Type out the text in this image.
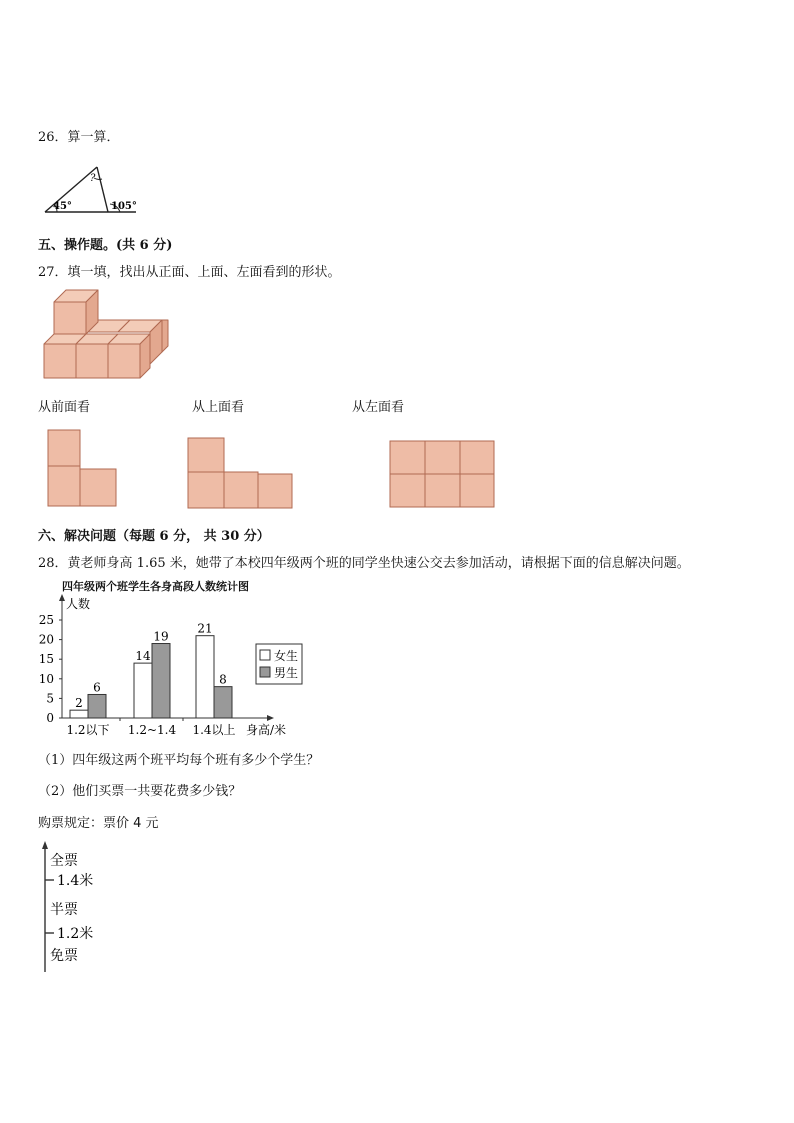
26．算一算．
?
45°	105°
五、操作题。(共 6 分)
27．填一填，找出从正面、上面、左面看到的形状。
从前面看	从上面看	从左面看
六、解决问题（每题 6 分， 共 30 分）
28．黄老师身高 1.65 米，她带了本校四年级两个班的同学坐快速公交去参加活动，请根据下面的信息解决问题。
四年级两个班学生各身高段人数统计图
人数
身高/米
0
5
10
15
20
25
2
6
1.2以下
14
19
1.2~1.4
21
8
1.4以上
女生
男生
（1）四年级这两个班平均每个班有多少个学生？
（2）他们买票一共要花费多少钱？
购票规定：票价 4 元
全票
1.4米
半票
1.2米
免票
